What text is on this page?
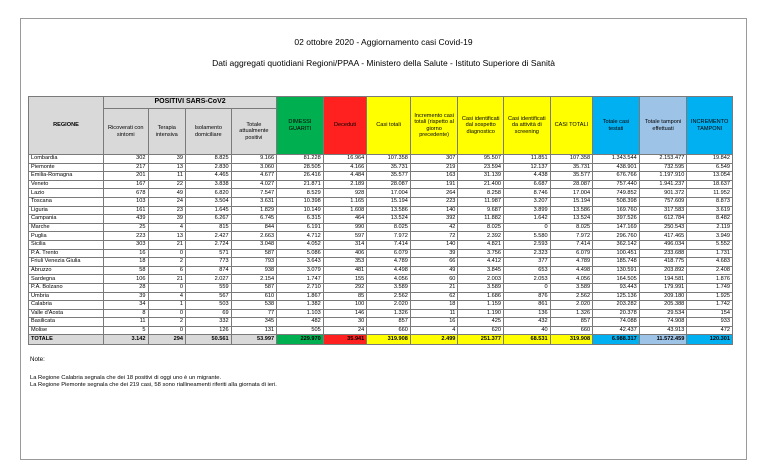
02 ottobre 2020 - Aggiornamento casi Covid-19
Dati aggregati quotidiani Regioni/PPAA - Ministero della Salute - Istituto Superiore di Sanità
REGIONE	POSITIVI SARS-CoV2				DIMESSI GUARITI	Deceduti	Casi totali	Incremento casi totali (rispetto al giorno precedente)	Casi identificati dal sospetto diagnostico	Casi identificati da attività di screening	CASI TOTALI	Totale casi testati	Totale tamponi effettuati	INCREMENTO TAMPONI
	Ricoverati con sintomi	Terapia intensiva	Isolamento domiciliare	Totale attualmente positivi										
Lombardia	302	39	8.825	9.166	81.228	16.964	107.358	307	95.507	11.851	107.358	1.343.544	2.153.477	19.842
Piemonte	217	13	2.830	3.060	28.505	4.166	35.731	219	23.594	12.137	35.731	438.901	732.595	6.549
Emilia-Romagna	201	11	4.465	4.677	26.416	4.484	35.577	163	31.139	4.438	35.577	676.766	1.197.910	13.054
Veneto	167	22	3.838	4.027	21.871	2.189	28.087	191	21.400	6.687	28.087	757.440	1.941.237	18.637
Lazio	678	49	6.820	7.547	8.529	928	17.004	264	8.258	8.746	17.004	749.852	901.372	11.952
Toscana	103	24	3.504	3.631	10.398	1.165	15.194	223	11.987	3.207	15.194	508.398	757.609	8.873
Liguria	161	23	1.645	1.829	10.149	1.608	13.586	140	9.687	3.899	13.586	169.760	317.583	3.619
Campania	439	39	6.267	6.745	6.315	464	13.524	392	11.882	1.642	13.524	397.526	612.784	8.482
Marche	25	4	815	844	6.191	990	8.025	42	8.025	0	8.025	147.169	250.543	2.119
Puglia	223	13	2.427	2.663	4.712	597	7.972	72	2.392	5.580	7.972	296.760	417.465	3.949
Sicilia	303	21	2.724	3.048	4.052	314	7.414	140	4.821	2.593	7.414	362.142	496.034	5.552
P.A. Trento	16	0	571	587	5.086	406	6.079	39	3.756	2.323	6.079	100.451	233.688	1.731
Friuli Venezia Giulia	18	2	773	793	3.643	353	4.789	66	4.412	377	4.789	185.748	418.775	4.683
Abruzzo	58	6	874	938	3.079	481	4.498	49	3.845	653	4.498	130.591	203.892	2.408
Sardegna	106	21	2.027	2.154	1.747	155	4.056	60	2.003	2.053	4.056	164.505	194.581	1.876
P.A. Bolzano	28	0	559	587	2.710	292	3.589	21	3.589	0	3.589	93.443	179.991	1.749
Umbria	39	4	567	610	1.867	85	2.562	62	1.686	876	2.562	125.136	209.180	1.925
Calabria	34	1	503	538	1.382	100	2.020	18	1.159	861	2.020	203.282	205.388	1.742
Valle d'Aosta	8	0	69	77	1.103	146	1.326	11	1.190	136	1.326	20.378	29.534	154
Basilicata	11	2	332	345	482	30	857	16	425	432	857	74.088	74.908	933
Molise	5	0	126	131	505	24	660	4	620	40	660	42.437	43.913	472
TOTALE	3.142	294	50.561	53.997	229.970	35.941	319.908	2.499	251.377	68.531	319.908	6.988.317	11.572.459	120.301
Note:
La Regione Calabria segnala che dei 18 positivi di oggi uno è un migrante.
La Regione Piemonte segnala che dei 219 casi, 58 sono riallineamenti riferiti alla giornata di ieri.
